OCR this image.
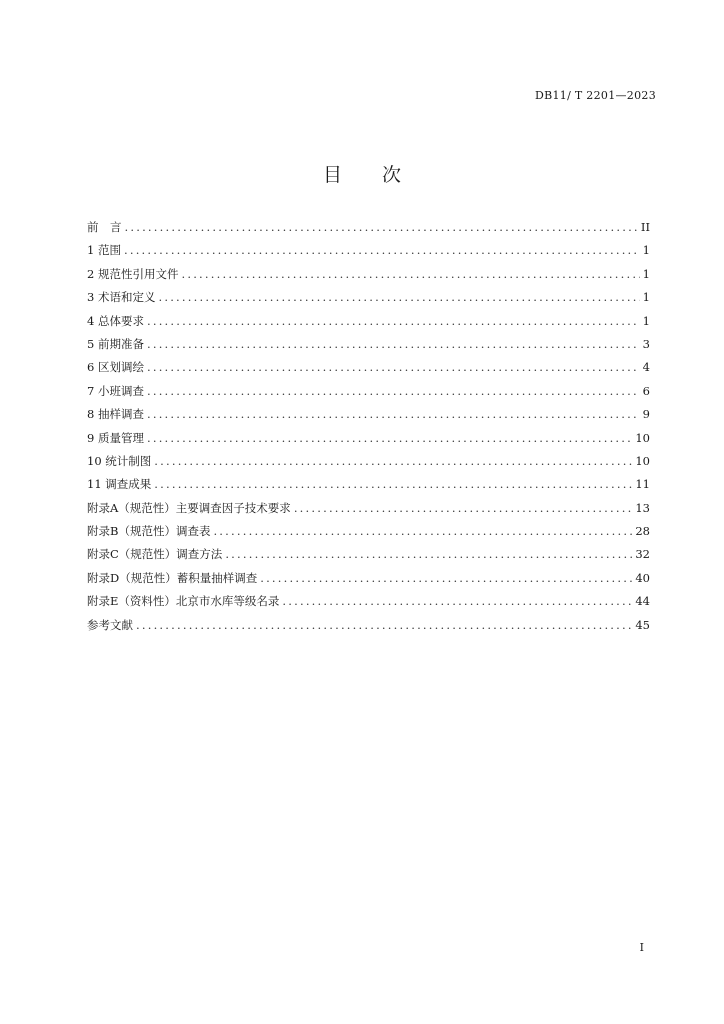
DB11/ T 2201—2023
目 次
前　言 .....	II
1 范围 .....	1
2 规范性引用文件 .....	1
3 术语和定义 .....	1
4 总体要求 .....	1
5 前期准备 .....	3
6 区划调绘 .....	4
7 小班调查 .....	6
8 抽样调查 .....	9
9 质量管理 .....	10
10 统计制图 .....	10
11 调查成果 .....	11
附录A（规范性）主要调查因子技术要求 .....	13
附录B（规范性）调查表 .....	28
附录C（规范性）调查方法 .....	32
附录D（规范性）蓄积量抽样调查 .....	40
附录E（资料性）北京市水库等级名录 .....	44
参考文献 .....	45
I
